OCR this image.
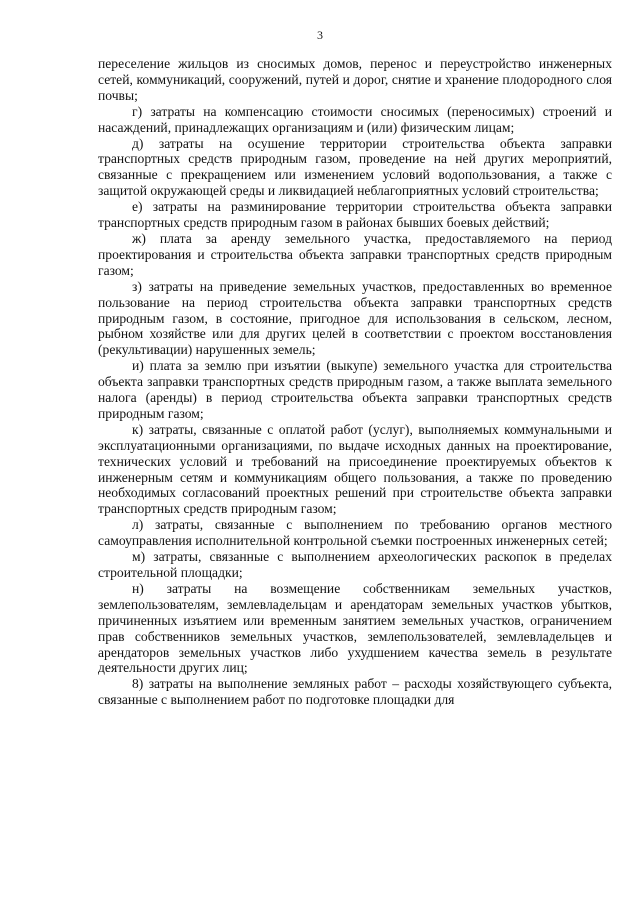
3

переселение жильцов из сносимых домов, перенос и переустройство инженерных сетей, коммуникаций, сооружений, путей и дорог, снятие и хранение плодородного слоя почвы;

г) затраты на компенсацию стоимости сносимых (переносимых) строений и насаждений, принадлежащих организациям и (или) физическим лицам;

д) затраты на осушение территории строительства объекта заправки транспортных средств природным газом, проведение на ней других мероприятий, связанные с прекращением или изменением условий водопользования, а также с защитой окружающей среды и ликвидацией неблагоприятных условий строительства;

е) затраты на разминирование территории строительства объекта заправки транспортных средств природным газом в районах бывших боевых действий;

ж) плата за аренду земельного участка, предоставляемого на период проектирования и строительства объекта заправки транспортных средств природным газом;

з) затраты на приведение земельных участков, предоставленных во временное пользование на период строительства объекта заправки транспортных средств природным газом, в состояние, пригодное для использования в сельском, лесном, рыбном хозяйстве или для других целей в соответствии с проектом восстановления (рекультивации) нарушенных земель;

и) плата за землю при изъятии (выкупе) земельного участка для строительства объекта заправки транспортных средств природным газом, а также выплата земельного налога (аренды) в период строительства объекта заправки транспортных средств природным газом;

к) затраты, связанные с оплатой работ (услуг), выполняемых коммунальными и эксплуатационными организациями, по выдаче исходных данных на проектирование, технических условий и требований на присоединение проектируемых объектов к инженерным сетям и коммуникациям общего пользования, а также по проведению необходимых согласований проектных решений при строительстве объекта заправки транспортных средств природным газом;

л) затраты, связанные с выполнением по требованию органов местного самоуправления исполнительной контрольной съемки построенных инженерных сетей;

м) затраты, связанные с выполнением археологических раскопок в пределах строительной площадки;

н) затраты на возмещение собственникам земельных участков, землепользователям, землевладельцам и арендаторам земельных участков убытков, причиненных изъятием или временным занятием земельных участков, ограничением прав собственников земельных участков, землепользователей, землевладельцев и арендаторов земельных участков либо ухудшением качества земель в результате деятельности других лиц;

8) затраты на выполнение земляных работ – расходы хозяйствующего субъекта, связанные с выполнением работ по подготовке площадки для
